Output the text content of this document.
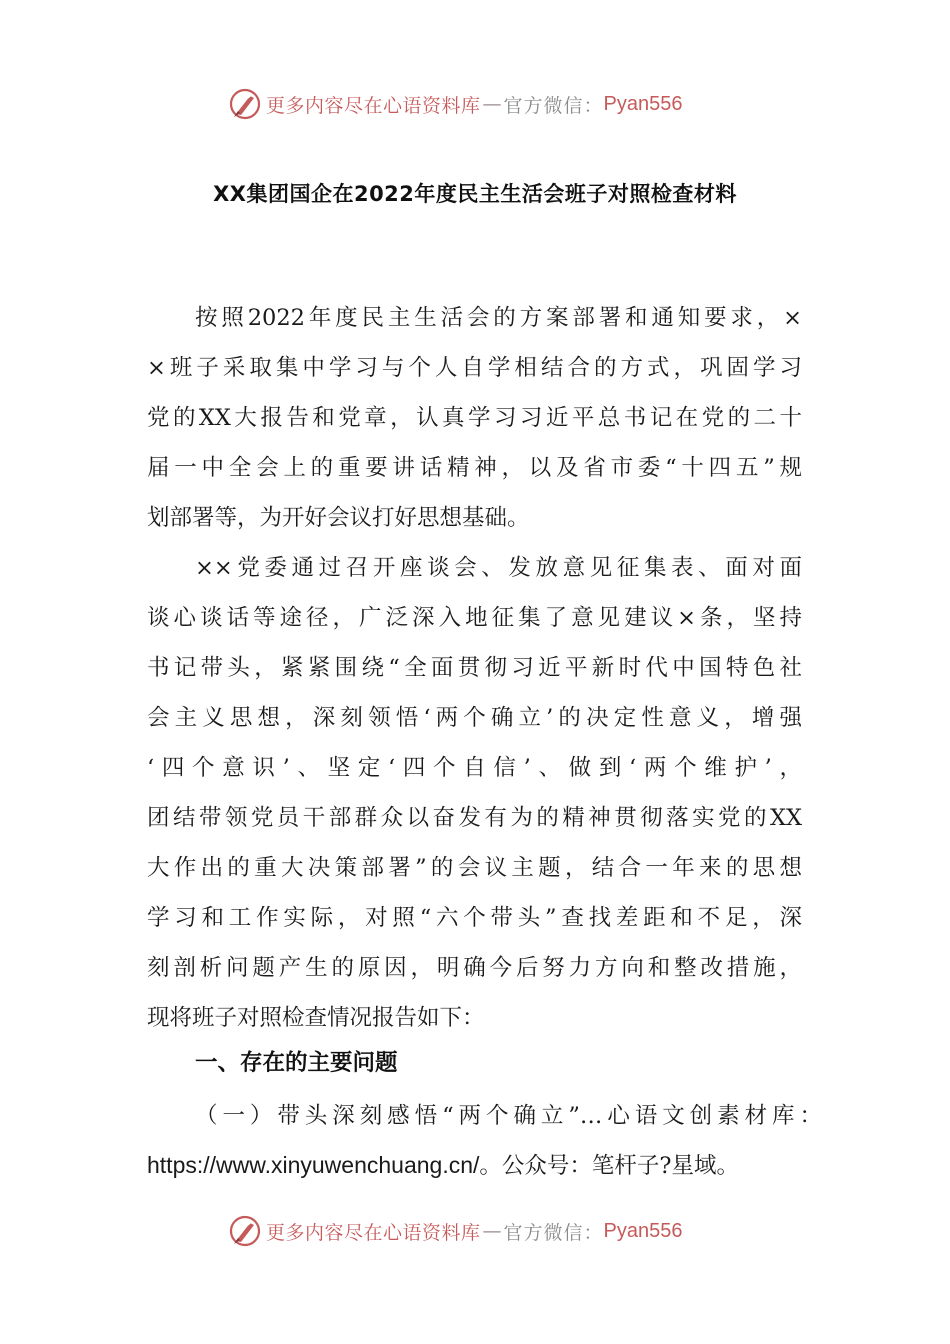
更多内容尽在心语资料库 — 官方微信： Pyan556
XX集团国企在2022年度民主生活会班子对照检查材料
按照2022年度民主生活会的方案部署和通知要求，×
×班子采取集中学习与个人自学相结合的方式，巩固学习
党的XX大报告和党章，认真学习习近平总书记在党的二十
届一中全会上的重要讲话精神，以及省市委“十四五”规
划部署等，为开好会议打好思想基础。
××党委通过召开座谈会、发放意见征集表、面对面
谈心谈话等途径，广泛深入地征集了意见建议×条，坚持
书记带头，紧紧围绕“全面贯彻习近平新时代中国特色社
会主义思想，深刻领悟‘两个确立’的决定性意义，增强
‘四个意识’、坚定‘四个自信’、做到‘两个维护’，
团结带领党员干部群众以奋发有为的精神贯彻落实党的XX
大作出的重大决策部署”的会议主题，结合一年来的思想
学习和工作实际，对照“六个带头”查找差距和不足，深
刻剖析问题产生的原因，明确今后努力方向和整改措施，
现将班子对照检查情况报告如下：
一、存在的主要问题
（一）带头深刻感悟“两个确立”…心语文创素材库：
https://www.xinyuwenchuang.cn/。公众号：笔杆子?星域。
更多内容尽在心语资料库 — 官方微信： Pyan556
